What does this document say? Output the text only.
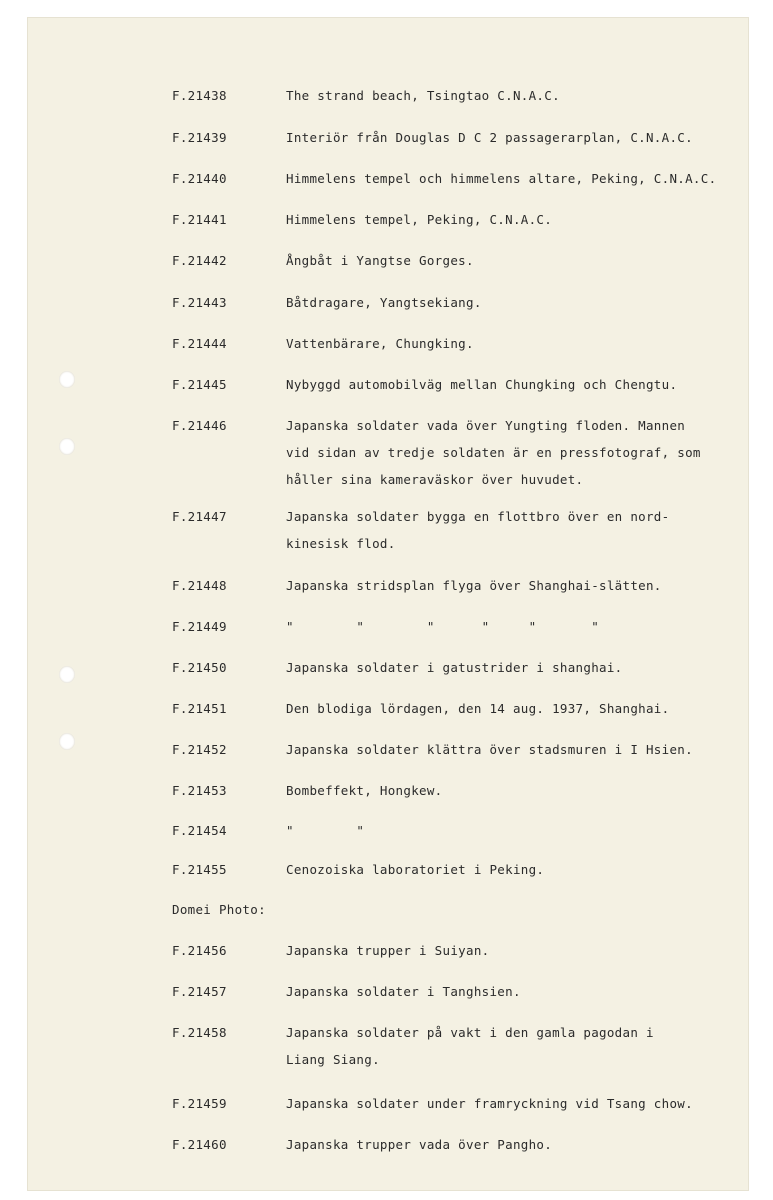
F.21438	The strand beach, Tsingtao C.N.A.C.
F.21439	Interiör från Douglas D C 2 passagerarplan, C.N.A.C.
F.21440	Himmelens tempel och himmelens altare, Peking, C.N.A.C.
F.21441	Himmelens tempel, Peking, C.N.A.C.
F.21442	Ångbåt i Yangtse Gorges.
F.21443	Båtdragare, Yangtsekiang.
F.21444	Vattenbärare, Chungking.
F.21445	Nybyggd automobilväg mellan Chungking och Chengtu.
F.21446	Japanska soldater vada över Yungting floden. Mannen
vid sidan av tredje soldaten är en pressfotograf, som
håller sina kameraväskor över huvudet.
F.21447	Japanska soldater bygga en flottbro över en nord-
kinesisk flod.
F.21448	Japanska stridsplan flyga över Shanghai-slätten.
F.21449	"        "        "      "     "       "
F.21450	Japanska soldater i gatustrider i shanghai.
F.21451	Den blodiga lördagen, den 14 aug. 1937, Shanghai.
F.21452	Japanska soldater klättra över stadsmuren i I Hsien.
F.21453	Bombeffekt, Hongkew.
F.21454	"        "
F.21455	Cenozoiska laboratoriet i Peking.
Domei Photo:
F.21456	Japanska trupper i Suiyan.
F.21457	Japanska soldater i Tanghsien.
F.21458	Japanska soldater på vakt i den gamla pagodan i
Liang Siang.
F.21459	Japanska soldater under framryckning vid Tsang chow.
F.21460	Japanska trupper vada över Pangho.
